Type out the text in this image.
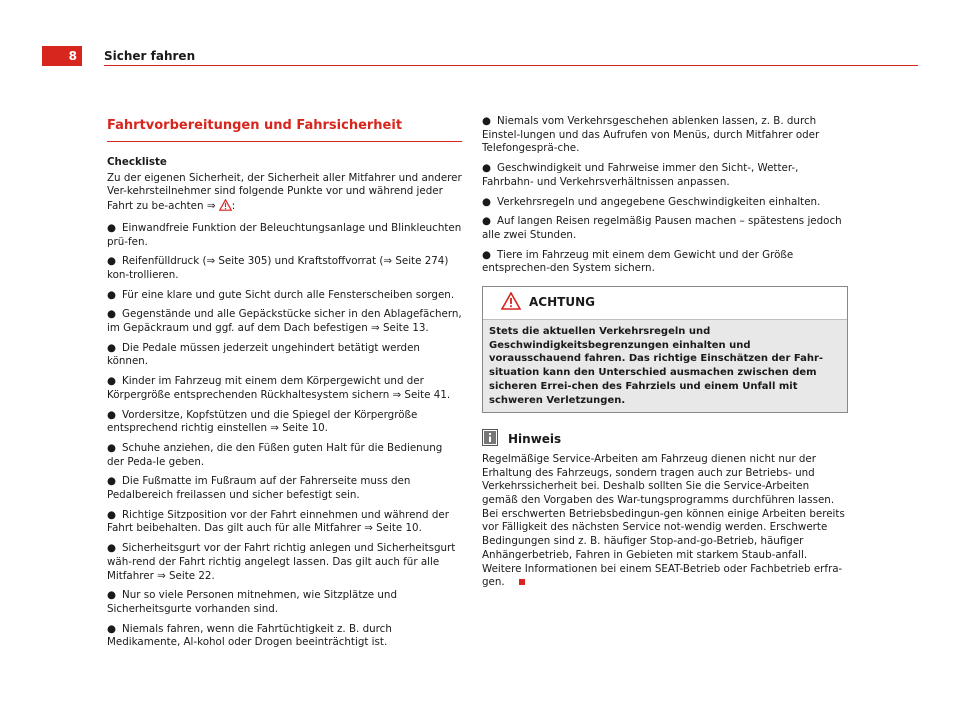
8	Sicher fahren
Fahrtvorbereitungen und Fahrsicherheit
Checkliste

Zu der eigenen Sicherheit, der Sicherheit aller Mitfahrer und anderer Ver-kehrsteilnehmer sind folgende Punkte vor und während jeder Fahrt zu be-achten ⇒ :

● Einwandfreie Funktion der Beleuchtungsanlage und Blinkleuchten prü-fen.
● Reifenfülldruck (⇒ Seite 305) und Kraftstoffvorrat (⇒ Seite 274) kon-trollieren.
● Für eine klare und gute Sicht durch alle Fensterscheiben sorgen.
● Gegenstände und alle Gepäckstücke sicher in den Ablagefächern, im Gepäckraum und ggf. auf dem Dach befestigen ⇒ Seite 13.
● Die Pedale müssen jederzeit ungehindert betätigt werden können.
● Kinder im Fahrzeug mit einem dem Körpergewicht und der Körpergröße entsprechenden Rückhaltesystem sichern ⇒ Seite 41.
● Vordersitze, Kopfstützen und die Spiegel der Körpergröße entsprechend richtig einstellen ⇒ Seite 10.
● Schuhe anziehen, die den Füßen guten Halt für die Bedienung der Peda-le geben.
● Die Fußmatte im Fußraum auf der Fahrerseite muss den Pedalbereich freilassen und sicher befestigt sein.
● Richtige Sitzposition vor der Fahrt einnehmen und während der Fahrt beibehalten. Das gilt auch für alle Mitfahrer ⇒ Seite 10.
● Sicherheitsgurt vor der Fahrt richtig anlegen und Sicherheitsgurt wäh-rend der Fahrt richtig angelegt lassen. Das gilt auch für alle Mitfahrer ⇒ Seite 22.
● Nur so viele Personen mitnehmen, wie Sitzplätze und Sicherheitsgurte vorhanden sind.
● Niemals fahren, wenn die Fahrtüchtigkeit z. B. durch Medikamente, Al-kohol oder Drogen beeinträchtigt ist.
● Niemals vom Verkehrsgeschehen ablenken lassen, z. B. durch Einstel-lungen und das Aufrufen von Menüs, durch Mitfahrer oder Telefongesprä-che.
● Geschwindigkeit und Fahrweise immer den Sicht-, Wetter-, Fahrbahn- und Verkehrsverhältnissen anpassen.
● Verkehrsregeln und angegebene Geschwindigkeiten einhalten.
● Auf langen Reisen regelmäßig Pausen machen – spätestens jedoch alle zwei Stunden.
● Tiere im Fahrzeug mit einem dem Gewicht und der Größe entsprechen-den System sichern.
ACHTUNG
Stets die aktuellen Verkehrsregeln und Geschwindigkeitsbegrenzungen einhalten und vorausschauend fahren. Das richtige Einschätzen der Fahr-situation kann den Unterschied ausmachen zwischen dem sicheren Errei-chen des Fahrziels und einem Unfall mit schweren Verletzungen.
Hinweis
Regelmäßige Service-Arbeiten am Fahrzeug dienen nicht nur der Erhaltung des Fahrzeugs, sondern tragen auch zur Betriebs- und Verkehrssicherheit bei. Deshalb sollten Sie die Service-Arbeiten gemäß den Vorgaben des War-tungsprogramms durchführen lassen. Bei erschwerten Betriebsbedingun-gen können einige Arbeiten bereits vor Fälligkeit des nächsten Service not-wendig werden. Erschwerte Bedingungen sind z. B. häufiger Stop-and-go-Betrieb, häufiger Anhängerbetrieb, Fahren in Gebieten mit starkem Staub-anfall. Weitere Informationen bei einem SEAT-Betrieb oder Fachbetrieb erfra-gen.
